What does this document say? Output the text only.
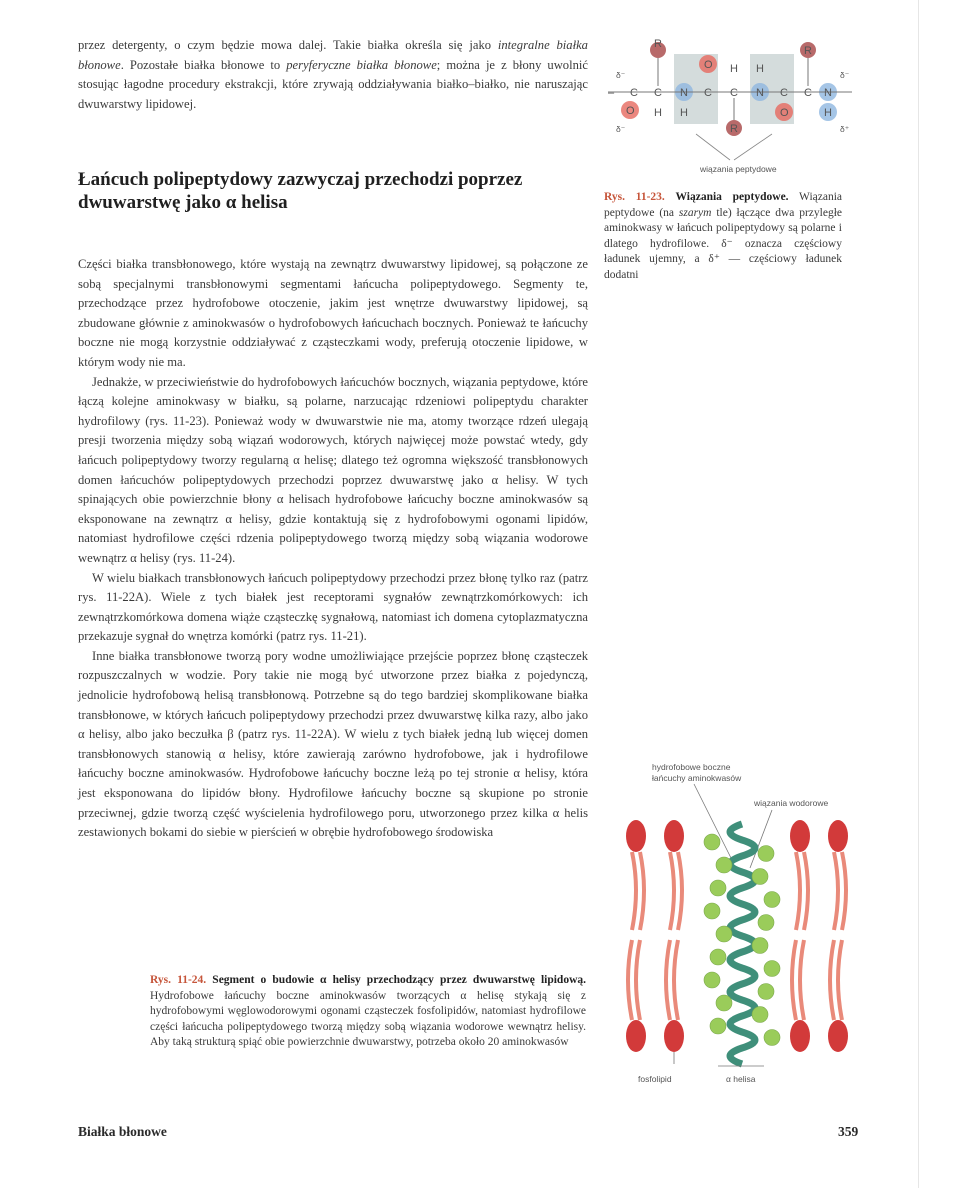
przez detergenty, o czym będzie mowa dalej. Takie białka określa się jako integralne białka błonowe. Pozostałe białka błonowe to peryferyczne białka błonowe; można je z błony uwolnić stosując łagodne procedury ekstrakcji, które zrywają oddziaływania białko–białko, nie naruszając dwuwarstwy lipidowej.

Łańcuch polipeptydowy zazwyczaj przechodzi poprzez dwuwarstwę jako α helisa

Części białka transbłonowego, które wystają na zewnątrz dwuwarstwy lipidowej, są połączone ze sobą specjalnymi transbłonowymi segmentami łańcucha polipeptydowego. Segmenty te, przechodzące przez hydrofobowe otoczenie, jakim jest wnętrze dwuwarstwy lipidowej, są zbudowane głównie z aminokwasów o hydrofobowych łańcuchach bocznych. Ponieważ te łańcuchy boczne nie mogą korzystnie oddziaływać z cząsteczkami wody, preferują otoczenie lipidowe, w którym wody nie ma.

Jednakże, w przeciwieństwie do hydrofobowych łańcuchów bocznych, wiązania peptydowe, które łączą kolejne aminokwasy w białku, są polarne, narzucając rdzeniowi polipeptydu charakter hydrofilowy (rys. 11-23). Ponieważ wody w dwuwarstwie nie ma, atomy tworzące rdzeń ulegają presji tworzenia między sobą wiązań wodorowych, których najwięcej może powstać wtedy, gdy łańcuch polipeptydowy tworzy regularną α helisę; dlatego też ogromna większość transbłonowych domen łańcuchów polipeptydowych przechodzi poprzez dwuwarstwę jako α helisy. W tych spinających obie powierzchnie błony α helisach hydrofobowe łańcuchy boczne aminokwasów są eksponowane na zewnątrz α helisy, gdzie kontaktują się z hydrofobowymi ogonami lipidów, natomiast hydrofilowe części rdzenia polipeptydowego tworzą między sobą wiązania wodorowe wewnątrz α helisy (rys. 11-24).

W wielu białkach transbłonowych łańcuch polipeptydowy przechodzi przez błonę tylko raz (patrz rys. 11-22A). Wiele z tych białek jest receptorami sygnałów zewnątrzkomórkowych: ich zewnątrzkomórkowa domena wiąże cząsteczkę sygnałową, natomiast ich domena cytoplazmatyczna przekazuje sygnał do wnętrza komórki (patrz rys. 11-21).

Inne białka transbłonowe tworzą pory wodne umożliwiające przejście poprzez błonę cząsteczek rozpuszczalnych w wodzie. Pory takie nie mogą być utworzone przez białka z pojedynczą, jednolicie hydrofobową helisą transbłonową. Potrzebne są do tego bardziej skomplikowane białka transbłonowe, w których łańcuch polipeptydowy przechodzi przez dwuwarstwę kilka razy, albo jako α helisy, albo jako beczułka β (patrz rys. 11-22A). W wielu z tych białek jedną lub więcej domen transbłonowych stanowią α helisy, które zawierają zarówno hydrofobowe, jak i hydrofilowe łańcuchy boczne aminokwasów. Hydrofobowe łańcuchy boczne leżą po tej stronie α helisy, która jest eksponowana do lipidów błony. Hydrofilowe łańcuchy boczne są skupione po stronie przeciwnej, gdzie tworzą część wyścielenia hydrofilowego poru, utworzonego przez kilka α helis zestawionych bokami do siebie w pierścień w obrębie hydrofobowego środowiska

– C C N C C N C C N
O
O
O
R
R
R
H H
H H
H
δ⁻
δ⁻
δ⁻
δ⁺
wiązania peptydowe
Rys. 11-23. Wiązania peptydowe. Wiązania peptydowe (na szarym tle) łączące dwa przyległe aminokwasy w łańcuch polipeptydowy są polarne i dlatego hydrofilowe. δ⁻ oznacza częściowy ładunek ujemny, a δ⁺ — częściowy ładunek dodatni
hydrofobowe boczne
łańcuchy aminokwasów
wiązania wodorowe
fosfolipid	α helisa
Rys. 11-24. Segment o budowie α helisy przechodzący przez dwuwarstwę lipidową. Hydrofobowe łańcuchy boczne aminokwasów tworzących α helisę stykają się z hydrofobowymi węglowodorowymi ogonami cząsteczek fosfolipidów, natomiast hydrofilowe części łańcucha polipeptydowego tworzą między sobą wiązania wodorowe wewnątrz helisy. Aby taką strukturą spiąć obie powierzchnie dwuwarstwy, potrzeba około 20 aminokwasów
Białka błonowe	359
